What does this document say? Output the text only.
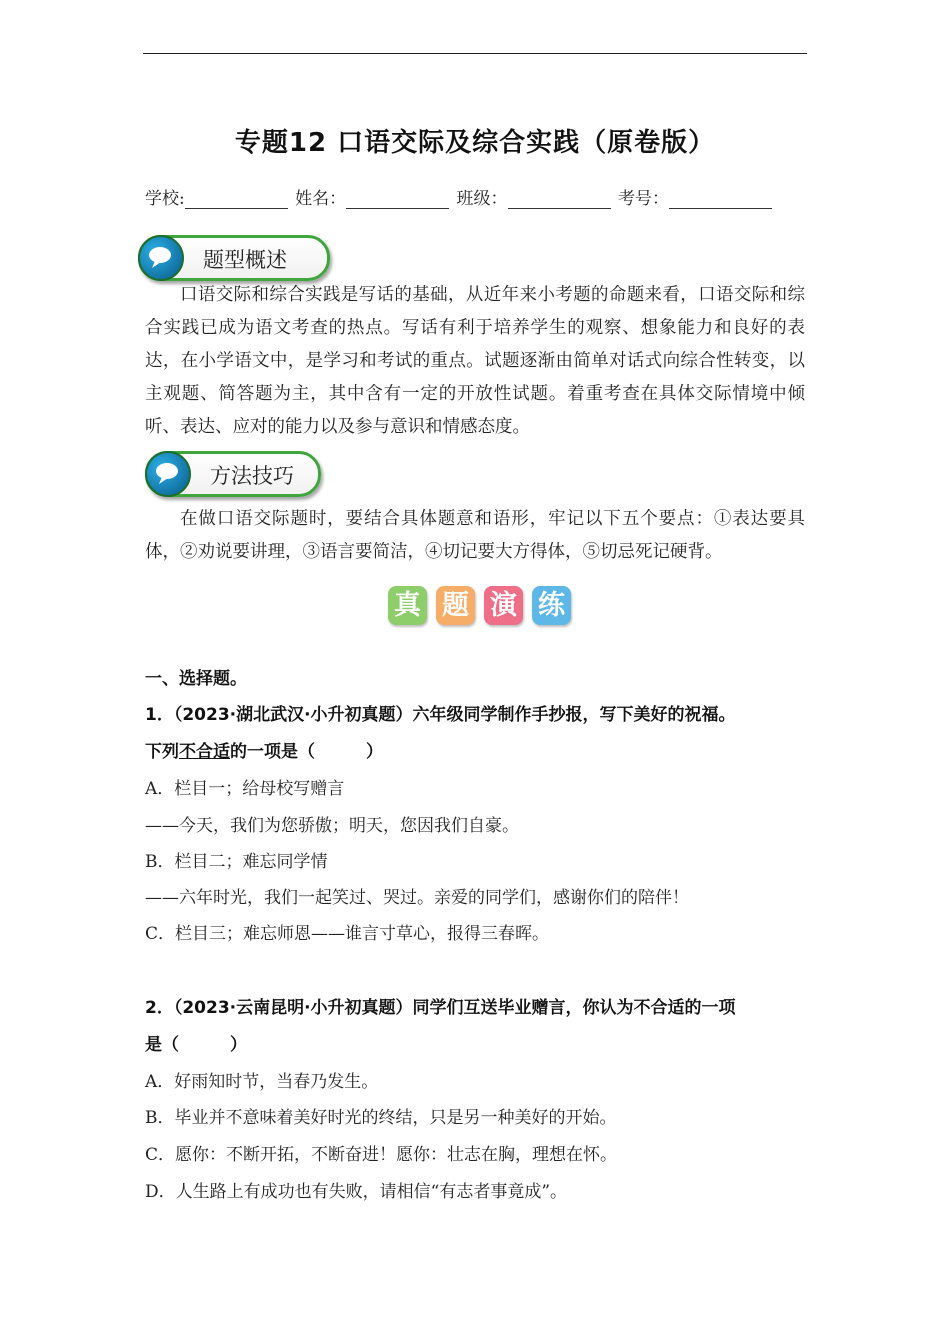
专题12 口语交际及综合实践（原卷版）
学校:	姓名：	班级：	考号：
题型概述
口语交际和综合实践是写话的基础，从近年来小考题的命题来看，口语交际和综合实践已成为语文考查的热点。写话有利于培养学生的观察、想象能力和良好的表达，在小学语文中，是学习和考试的重点。试题逐渐由简单对话式向综合性转变，以主观题、简答题为主，其中含有一定的开放性试题。着重考查在具体交际情境中倾听、表达、应对的能力以及参与意识和情感态度。
方法技巧
在做口语交际题时，要结合具体题意和语形，牢记以下五个要点：①表达要具体，②劝说要讲理，③语言要简洁，④切记要大方得体，⑤切忌死记硬背。
真 题 演 练
一、选择题。
1．（2023·湖北武汉·小升初真题）六年级同学制作手抄报，写下美好的祝福。
下列不合适的一项是（　　　）
A．栏目一；给母校写赠言
——今天，我们为您骄傲；明天，您因我们自豪。
B．栏目二；难忘同学情
——六年时光，我们一起笑过、哭过。亲爱的同学们，感谢你们的陪伴！
C．栏目三；难忘师恩——谁言寸草心，报得三春晖。
2．（2023·云南昆明·小升初真题）同学们互送毕业赠言，你认为不合适的一项
是（　　　）
A．好雨知时节，当春乃发生。
B．毕业并不意味着美好时光的终结，只是另一种美好的开始。
C．愿你：不断开拓，不断奋进！愿你：壮志在胸，理想在怀。
D．人生路上有成功也有失败，请相信“有志者事竟成”。
